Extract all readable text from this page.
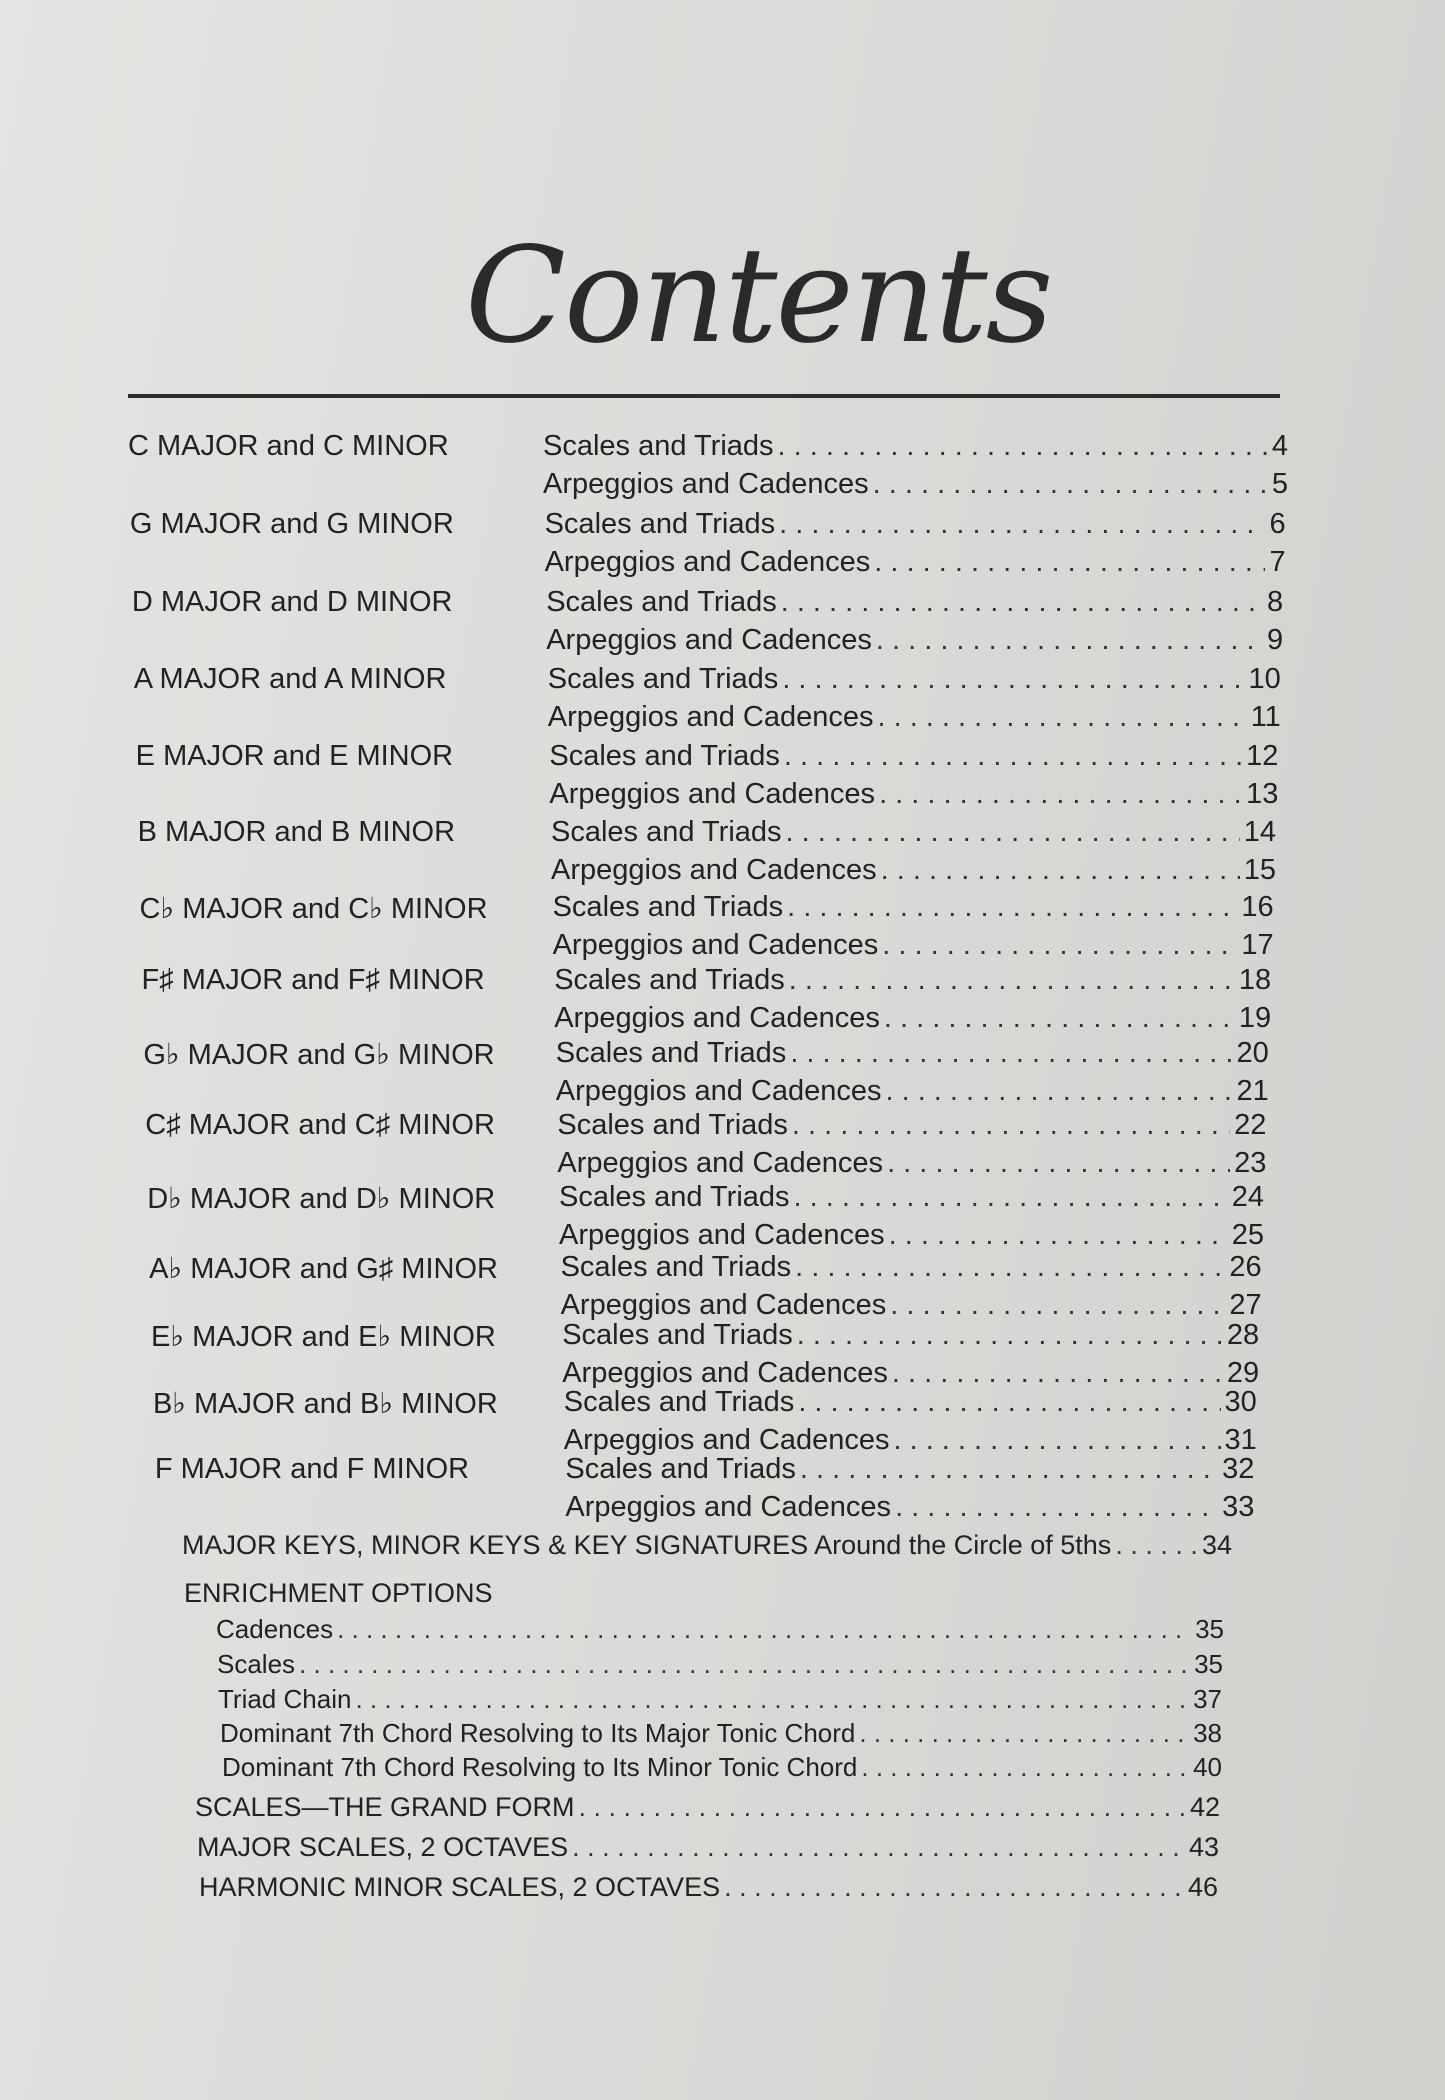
Contents
C MAJOR and C MINOR	Scales and Triads . . .	4
Arpeggios and Cadences . . .	5
G MAJOR and G MINOR	Scales and Triads . . .	6
Arpeggios and Cadences . . .	7
D MAJOR and D MINOR	Scales and Triads . . .	8
Arpeggios and Cadences . . .	9
A MAJOR and A MINOR	Scales and Triads . . .	10
Arpeggios and Cadences . . .	11
E MAJOR and E MINOR	Scales and Triads . . .	12
Arpeggios and Cadences . . .	13
B MAJOR and B MINOR	Scales and Triads . . .	14
Arpeggios and Cadences . . .	15
C♭ MAJOR and C♭ MINOR	Scales and Triads . . .	16
Arpeggios and Cadences . . .	17
F♯ MAJOR and F♯ MINOR	Scales and Triads . . .	18
Arpeggios and Cadences . . .	19
G♭ MAJOR and G♭ MINOR	Scales and Triads . . .	20
Arpeggios and Cadences . . .	21
C♯ MAJOR and C♯ MINOR	Scales and Triads . . .	22
Arpeggios and Cadences . . .	23
D♭ MAJOR and D♭ MINOR	Scales and Triads . . .	24
Arpeggios and Cadences . . .	25
A♭ MAJOR and G♯ MINOR	Scales and Triads . . .	26
Arpeggios and Cadences . . .	27
E♭ MAJOR and E♭ MINOR	Scales and Triads . . .	28
Arpeggios and Cadences . . .	29
B♭ MAJOR and B♭ MINOR	Scales and Triads . . .	30
Arpeggios and Cadences . . .	31
F MAJOR and F MINOR	Scales and Triads . . .	32
Arpeggios and Cadences . . .	33
MAJOR KEYS, MINOR KEYS & KEY SIGNATURES Around the Circle of 5ths . . .	34
ENRICHMENT OPTIONS
Cadences . . .	35
Scales . . .	35
Triad Chain . . .	37
Dominant 7th Chord Resolving to Its Major Tonic Chord . . .	38
Dominant 7th Chord Resolving to Its Minor Tonic Chord . . .	40
SCALES—THE GRAND FORM . . .	42
MAJOR SCALES, 2 OCTAVES . . .	43
HARMONIC MINOR SCALES, 2 OCTAVES . . .	46
